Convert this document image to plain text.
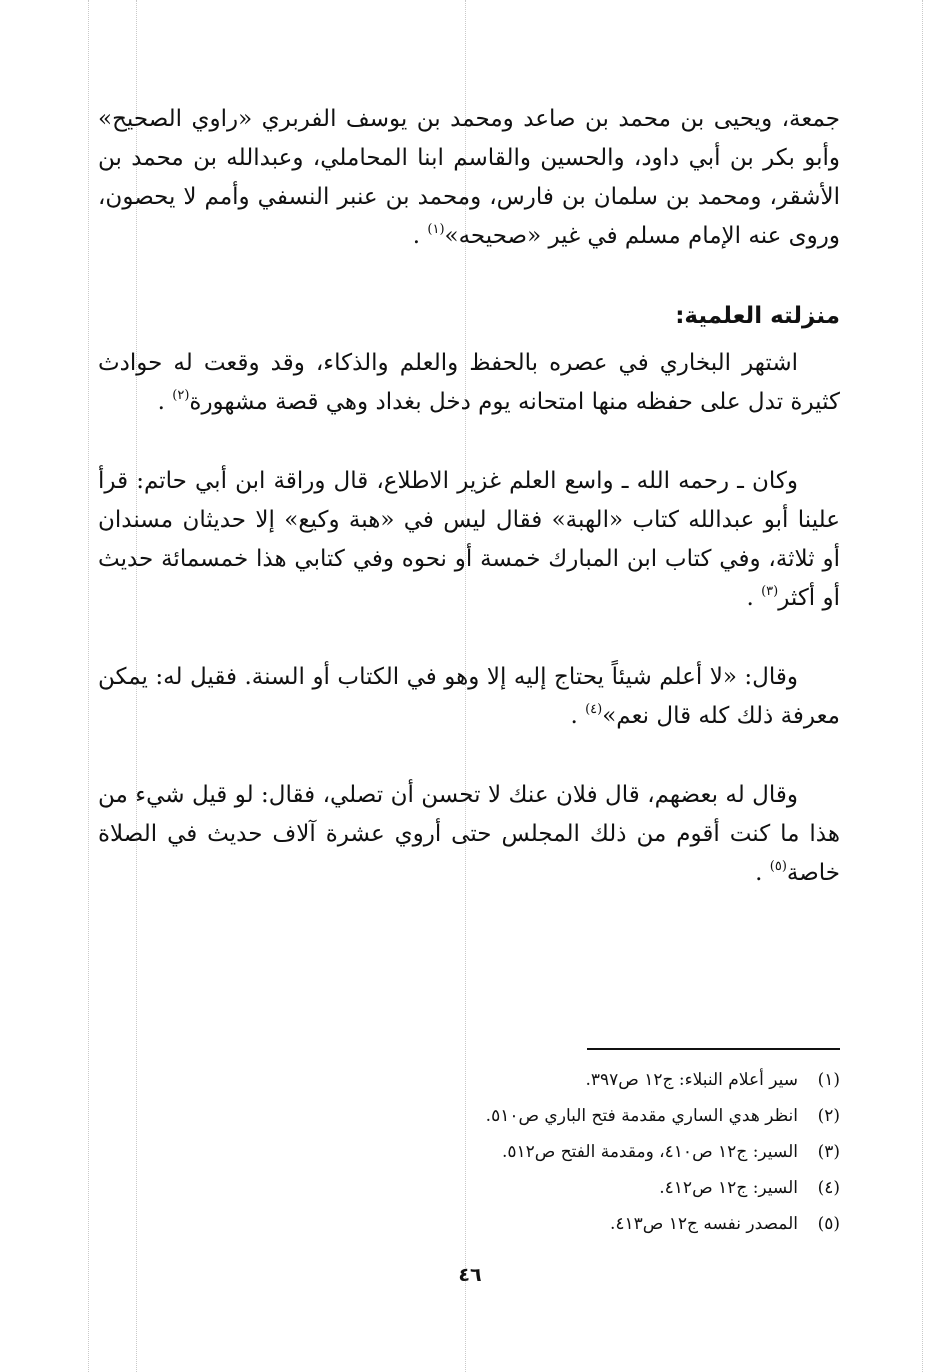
جمعة، ويحيى بن محمد بن صاعد ومحمد بن يوسف الفربري «راوي الصحيح» وأبو بكر بن أبي داود، والحسين والقاسم ابنا المحاملي، وعبدالله بن محمد بن الأشقر، ومحمد بن سلمان بن فارس، ومحمد بن عنبر النسفي وأمم لا يحصون، وروى عنه الإمام مسلم في غير «صحيحه»$^{(١)}$ .

منزلته العلمية:

اشتهر البخاري في عصره بالحفظ والعلم والذكاء، وقد وقعت له حوادث كثيرة تدل على حفظه منها امتحانه يوم دخل بغداد وهي قصة مشهورة$^{(٢)}$ .

وكان ـ رحمه الله ـ واسع العلم غزير الاطلاع، قال وراقة ابن أبي حاتم: قرأ علينا أبو عبدالله كتاب «الهبة» فقال ليس في «هبة وكيع» إلا حديثان مسندان أو ثلاثة، وفي كتاب ابن المبارك خمسة أو نحوه وفي كتابي هذا خمسمائة حديث أو أكثر$^{(٣)}$ .

وقال: «لا أعلم شيئاً يحتاج إليه إلا وهو في الكتاب أو السنة. فقيل له: يمكن معرفة ذلك كله قال نعم»$^{(٤)}$ .

وقال له بعضهم، قال فلان عنك لا تحسن أن تصلي، فقال: لو قيل شيء من هذا ما كنت أقوم من ذلك المجلس حتى أروي عشرة آلاف حديث في الصلاة خاصة$^{(٥)}$ .

(١)سير أعلام النبلاء: ج١٢ ص٣٩٧.
(٢)انظر هدي الساري مقدمة فتح الباري ص٥١٠.
(٣)السير: ج١٢ ص٤١٠، ومقدمة الفتح ص٥١٢.
(٤)السير: ج١٢ ص٤١٢.
(٥)المصدر نفسه ج١٢ ص٤١٣.
٤٦
